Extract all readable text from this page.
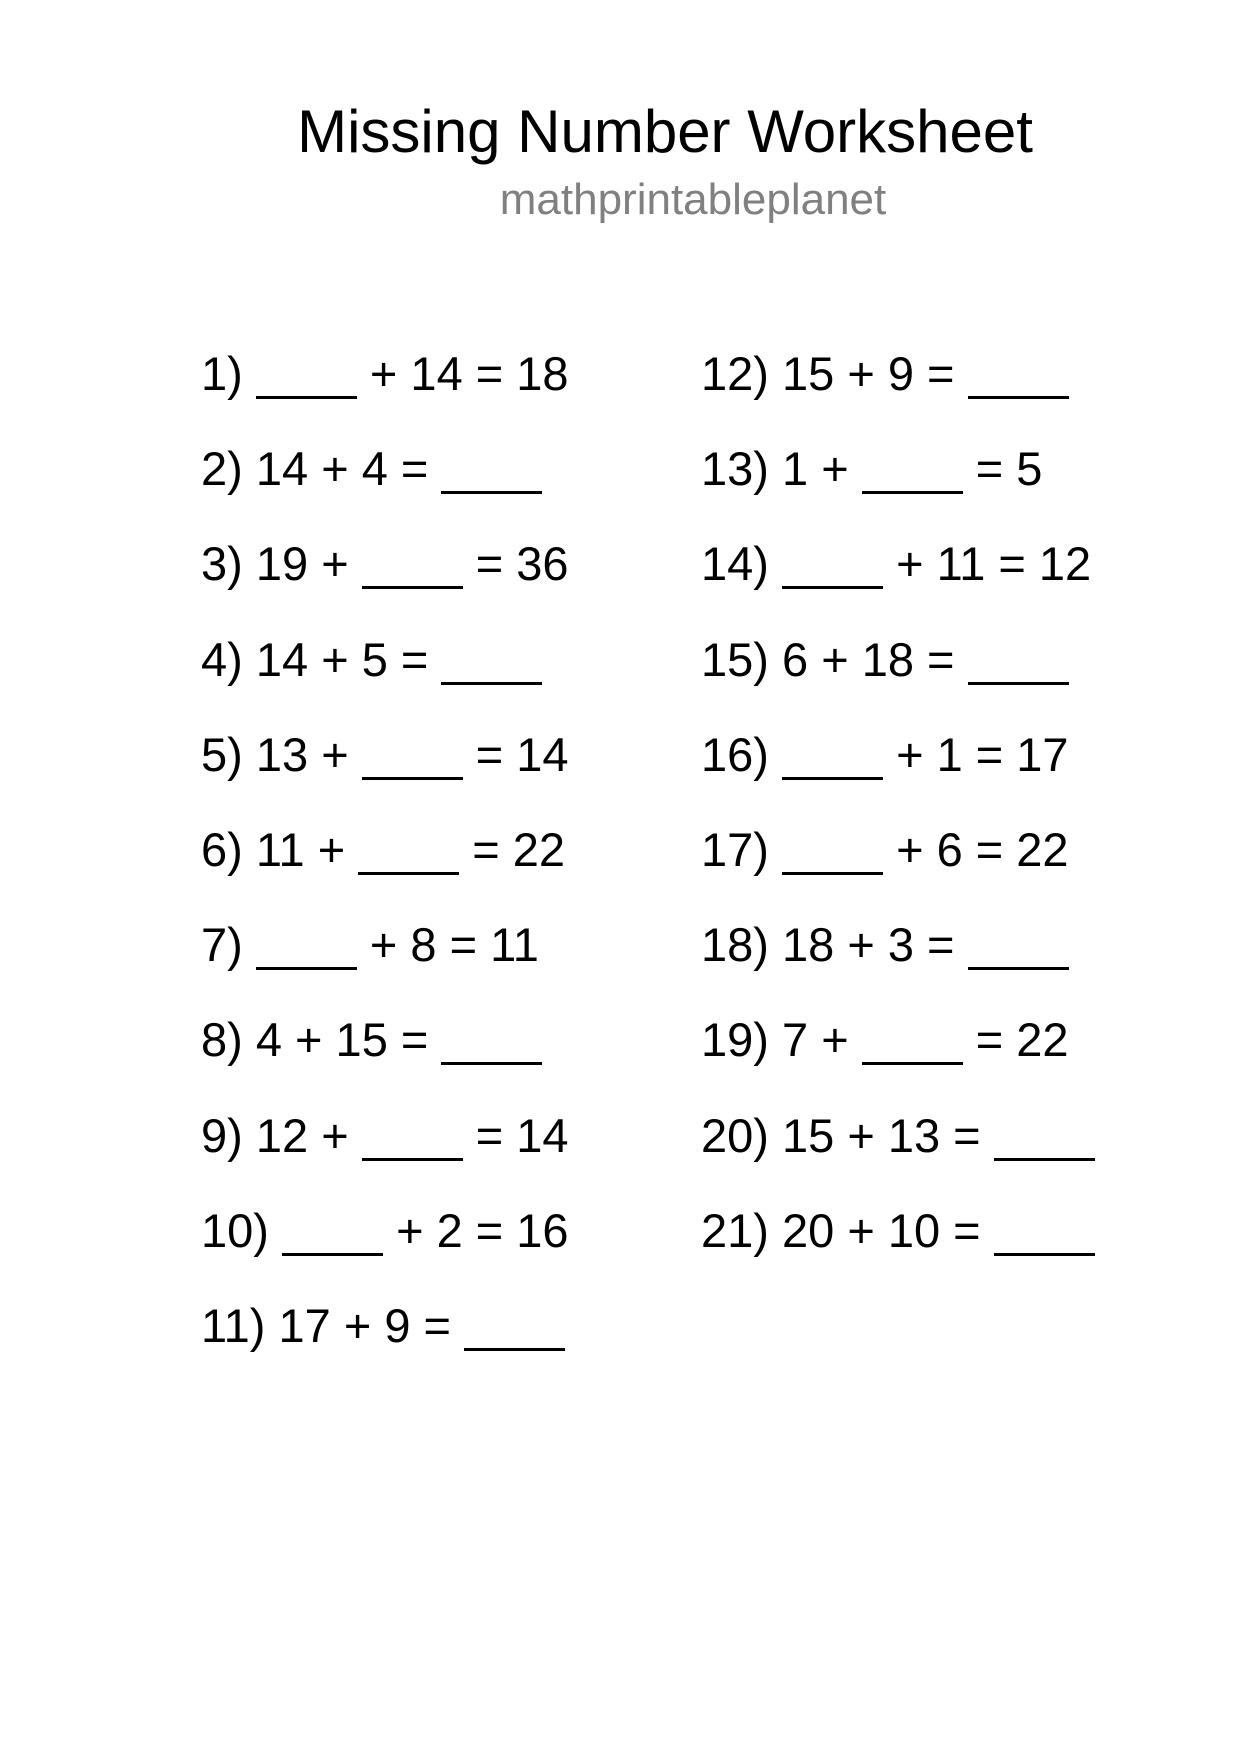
Missing Number Worksheet
mathprintableplanet
1)	+ 14 = 18
2) 14 + 4 =
3) 19 +	= 36
4) 14 + 5 =
5) 13 +	= 14
6) 11 +	= 22
7)	+ 8 = 11
8) 4 + 15 =
9) 12 +	= 14
10)	+ 2 = 16
11) 17 + 9 =
12) 15 + 9 =
13) 1 +	= 5
14)	+ 11 = 12
15) 6 + 18 =
16)	+ 1 = 17
17)	+ 6 = 22
18) 18 + 3 =
19) 7 +	= 22
20) 15 + 13 =
21) 20 + 10 =
